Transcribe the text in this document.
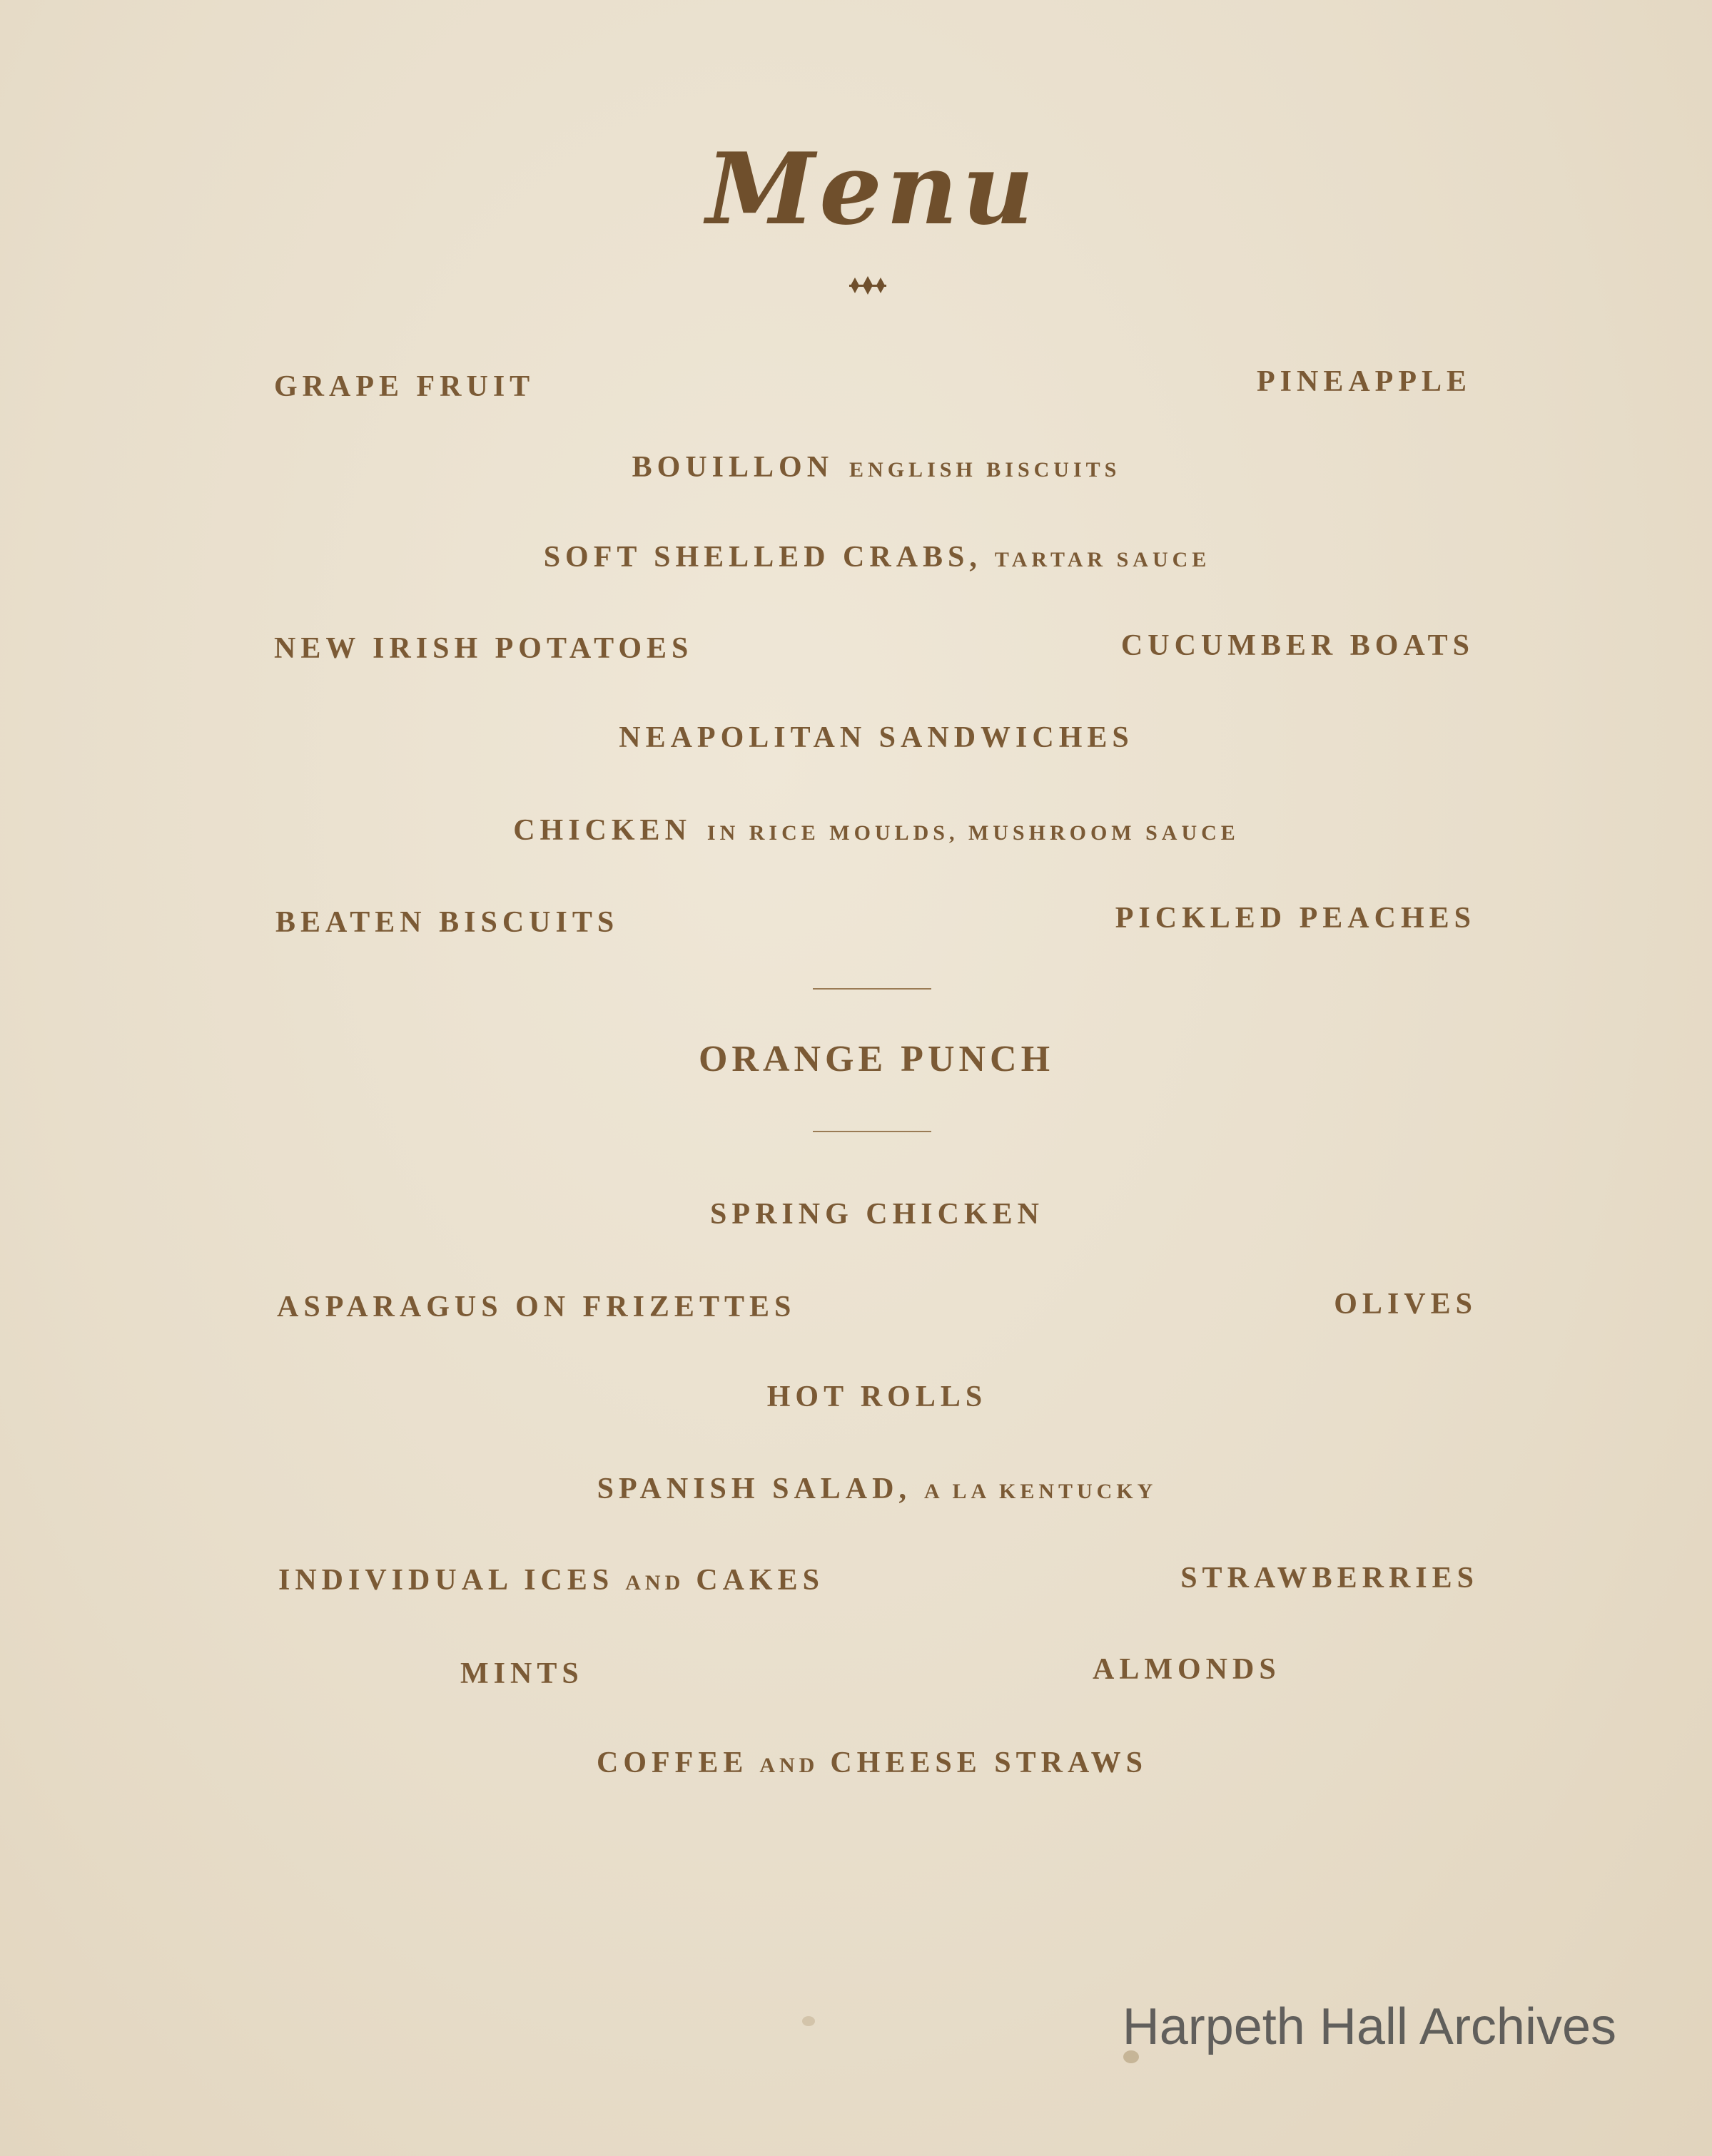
Menu
GRAPE FRUIT	PINEAPPLE
BOUILLON ENGLISH BISCUITS
SOFT SHELLED CRABS, TARTAR SAUCE
NEW IRISH POTATOES	CUCUMBER BOATS
NEAPOLITAN SANDWICHES
CHICKEN IN RICE MOULDS, MUSHROOM SAUCE
BEATEN BISCUITS	PICKLED PEACHES
ORANGE PUNCH
SPRING CHICKEN
ASPARAGUS ON FRIZETTES	OLIVES
HOT ROLLS
SPANISH SALAD, A LA KENTUCKY
INDIVIDUAL ICES AND CAKES	STRAWBERRIES
MINTS	ALMONDS
COFFEE AND CHEESE STRAWS
Harpeth Hall Archives
